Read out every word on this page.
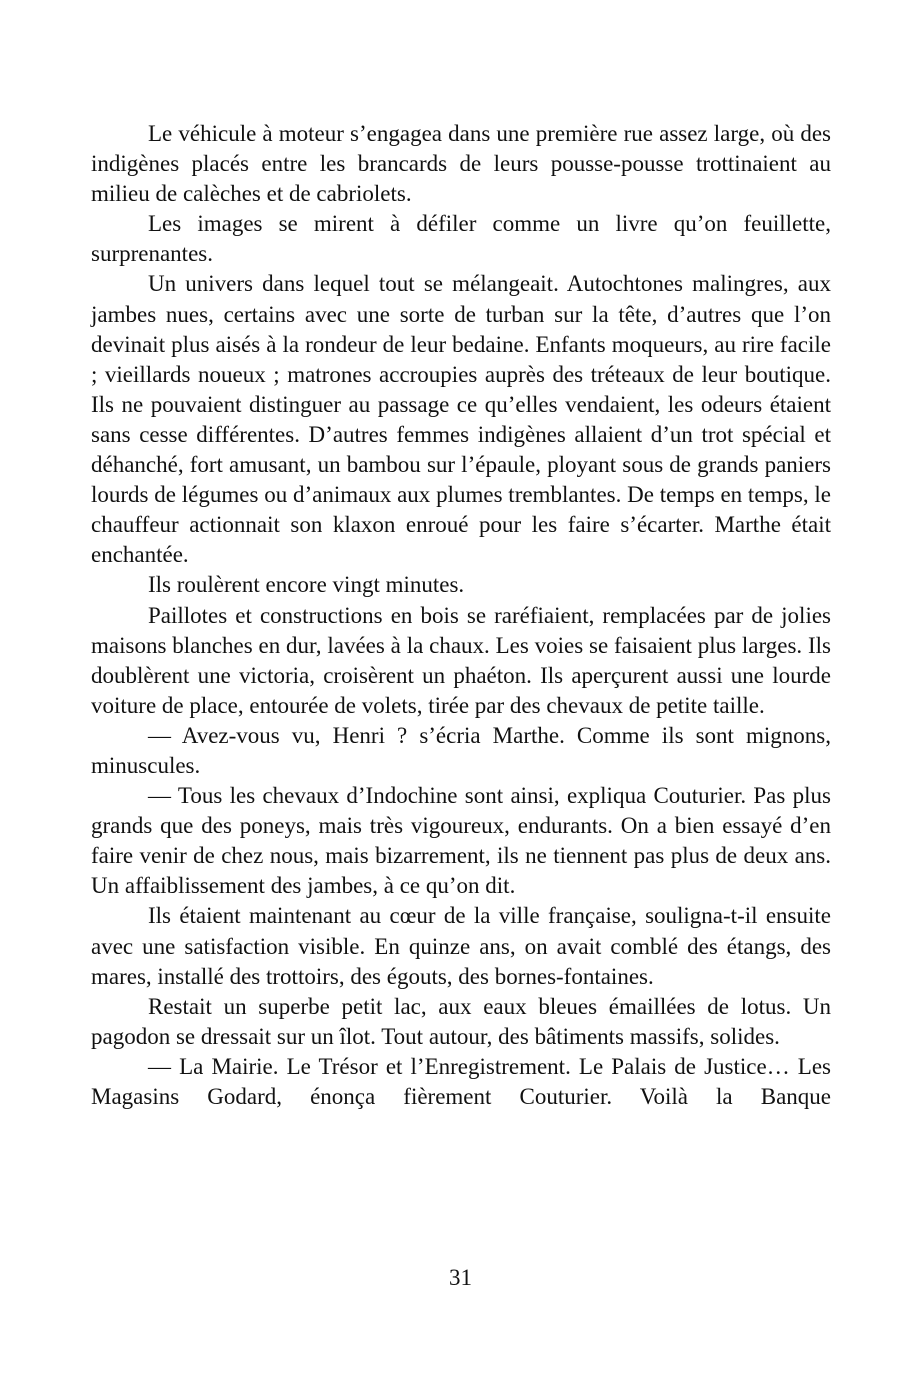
Le véhicule à moteur s’engagea dans une première rue assez large, où des indigènes placés entre les brancards de leurs pousse-pousse trottinaient au milieu de calèches et de cabriolets.

Les images se mirent à défiler comme un livre qu’on feuillette, surprenantes.

Un univers dans lequel tout se mélangeait. Autochtones malingres, aux jambes nues, certains avec une sorte de turban sur la tête, d’autres que l’on devinait plus aisés à la rondeur de leur bedaine. Enfants moqueurs, au rire facile ; vieillards noueux ; matrones accroupies auprès des tréteaux de leur boutique. Ils ne pouvaient distinguer au passage ce qu’elles vendaient, les odeurs étaient sans cesse différentes. D’autres femmes indigènes allaient d’un trot spécial et déhanché, fort amusant, un bambou sur l’épaule, ployant sous de grands paniers lourds de légumes ou d’animaux aux plumes tremblantes. De temps en temps, le chauffeur actionnait son klaxon enroué pour les faire s’écarter. Marthe était enchantée.

Ils roulèrent encore vingt minutes.

Paillotes et constructions en bois se raréfiaient, remplacées par de jolies maisons blanches en dur, lavées à la chaux. Les voies se faisaient plus larges. Ils doublèrent une victoria, croisèrent un phaéton. Ils aperçurent aussi une lourde voiture de place, entourée de volets, tirée par des chevaux de petite taille.

— Avez-vous vu, Henri ? s’écria Marthe. Comme ils sont mignons, minuscules.

— Tous les chevaux d’Indochine sont ainsi, expliqua Couturier. Pas plus grands que des poneys, mais très vigoureux, endurants. On a bien essayé d’en faire venir de chez nous, mais bizarrement, ils ne tiennent pas plus de deux ans. Un affaiblissement des jambes, à ce qu’on dit.

Ils étaient maintenant au cœur de la ville française, souligna-t-il ensuite avec une satisfaction visible. En quinze ans, on avait comblé des étangs, des mares, installé des trottoirs, des égouts, des bornes-fontaines.

Restait un superbe petit lac, aux eaux bleues émaillées de lotus. Un pagodon se dressait sur un îlot. Tout autour, des bâtiments massifs, solides.

— La Mairie. Le Trésor et l’Enregistrement. Le Palais de Justice… Les Magasins Godard, énonça fièrement Couturier. Voilà la Banque

31
